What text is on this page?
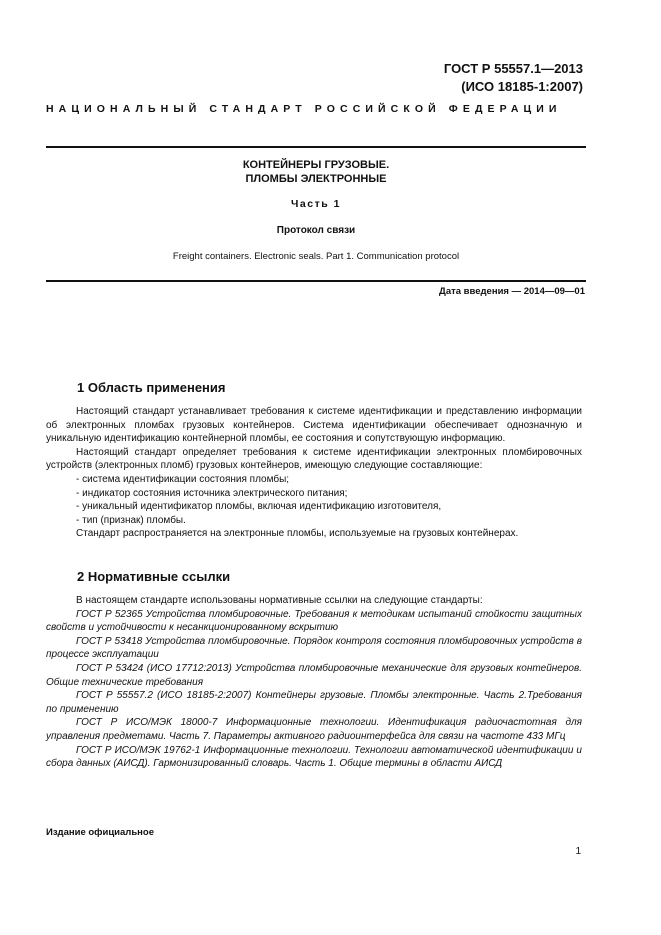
ГОСТ Р 55557.1—2013
(ИСО 18185-1:2007)
НАЦИОНАЛЬНЫЙ СТАНДАРТ РОССИЙСКОЙ ФЕДЕРАЦИИ
КОНТЕЙНЕРЫ ГРУЗОВЫЕ.
ПЛОМБЫ ЭЛЕКТРОННЫЕ
Часть 1
Протокол связи
Freight containers. Electronic seals. Part 1. Communication protocol
Дата введения — 2014—09—01
1 Область применения

Настоящий стандарт устанавливает требования к системе идентификации и представлению информации об электронных пломбах грузовых контейнеров. Система идентификации обеспечивает однозначную и уникальную идентификацию контейнерной пломбы, ее состояния и сопутствующую информацию.

Настоящий стандарт определяет требования к системе идентификации электронных пломбировочных устройств (электронных пломб) грузовых контейнеров, имеющую следующие составляющие:

- система идентификации состояния пломбы;

- индикатор состояния источника электрического питания;

- уникальный идентификатор пломбы, включая идентификацию изготовителя,

- тип (признак) пломбы.

Стандарт распространяется на электронные пломбы, используемые на грузовых контейнерах.

2 Нормативные ссылки

В настоящем стандарте использованы нормативные ссылки на следующие стандарты:

ГОСТ Р 52365 Устройства пломбировочные. Требования к методикам испытаний стойкости защитных свойств и устойчивости к несанкционированному вскрытию

ГОСТ Р 53418 Устройства пломбировочные. Порядок контроля состояния пломбировочных устройств в процессе эксплуатации

ГОСТ Р 53424 (ИСО 17712:2013) Устройства пломбировочные механические для грузовых контейнеров. Общие технические требования

ГОСТ Р 55557.2 (ИСО 18185-2:2007) Контейнеры грузовые. Пломбы электронные. Часть 2.Требования по применению

ГОСТ Р ИСО/МЭК 18000-7 Информационные технологии. Идентификация радиочастотная для управления предметами. Часть 7. Параметры активного радиоинтерфейса для связи на частоте 433 МГц

ГОСТ Р ИСО/МЭК 19762-1 Информационные технологии. Технологии автоматической идентификации и сбора данных (АИСД). Гармонизированный словарь. Часть 1. Общие термины в области АИСД

Издание официальное
1
